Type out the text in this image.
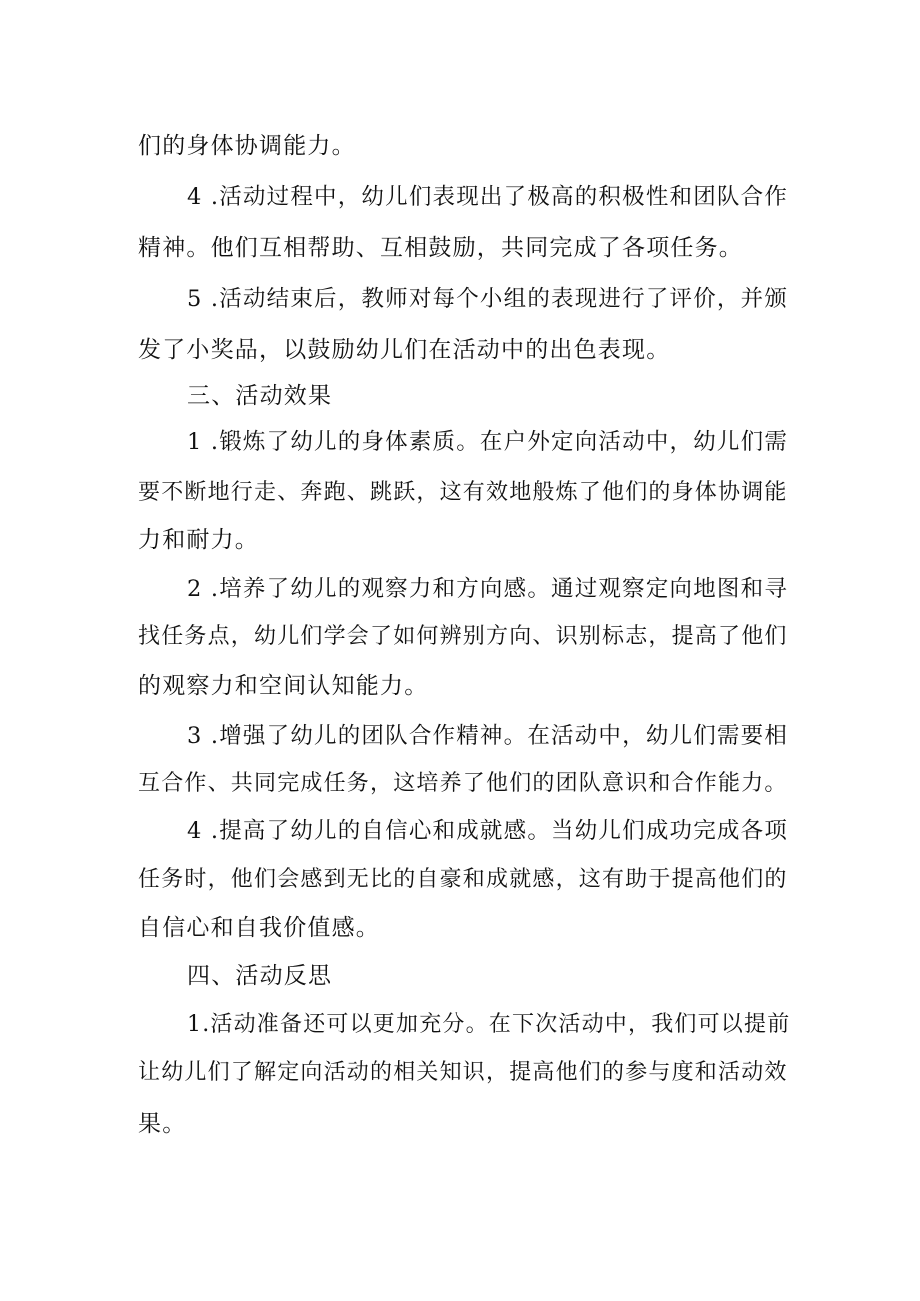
们的身体协调能力。
4 .活动过程中，幼儿们表现出了极高的积极性和团队合作
精神。他们互相帮助、互相鼓励，共同完成了各项任务。
5 .活动结束后，教师对每个小组的表现进行了评价，并颁
发了小奖品，以鼓励幼儿们在活动中的出色表现。
三、活动效果
1 .锻炼了幼儿的身体素质。在户外定向活动中，幼儿们需
要不断地行走、奔跑、跳跃，这有效地般炼了他们的身体协调能
力和耐力。
2 .培养了幼儿的观察力和方向感。通过观察定向地图和寻
找任务点，幼儿们学会了如何辨别方向、识别标志，提高了他们
的观察力和空间认知能力。
3 .增强了幼儿的团队合作精神。在活动中，幼儿们需要相
互合作、共同完成任务，这培养了他们的团队意识和合作能力。
4 .提高了幼儿的自信心和成就感。当幼儿们成功完成各项
任务时，他们会感到无比的自豪和成就感，这有助于提高他们的
自信心和自我价值感。
四、活动反思
1.活动准备还可以更加充分。在下次活动中，我们可以提前
让幼儿们了解定向活动的相关知识，提高他们的参与度和活动效
果。
